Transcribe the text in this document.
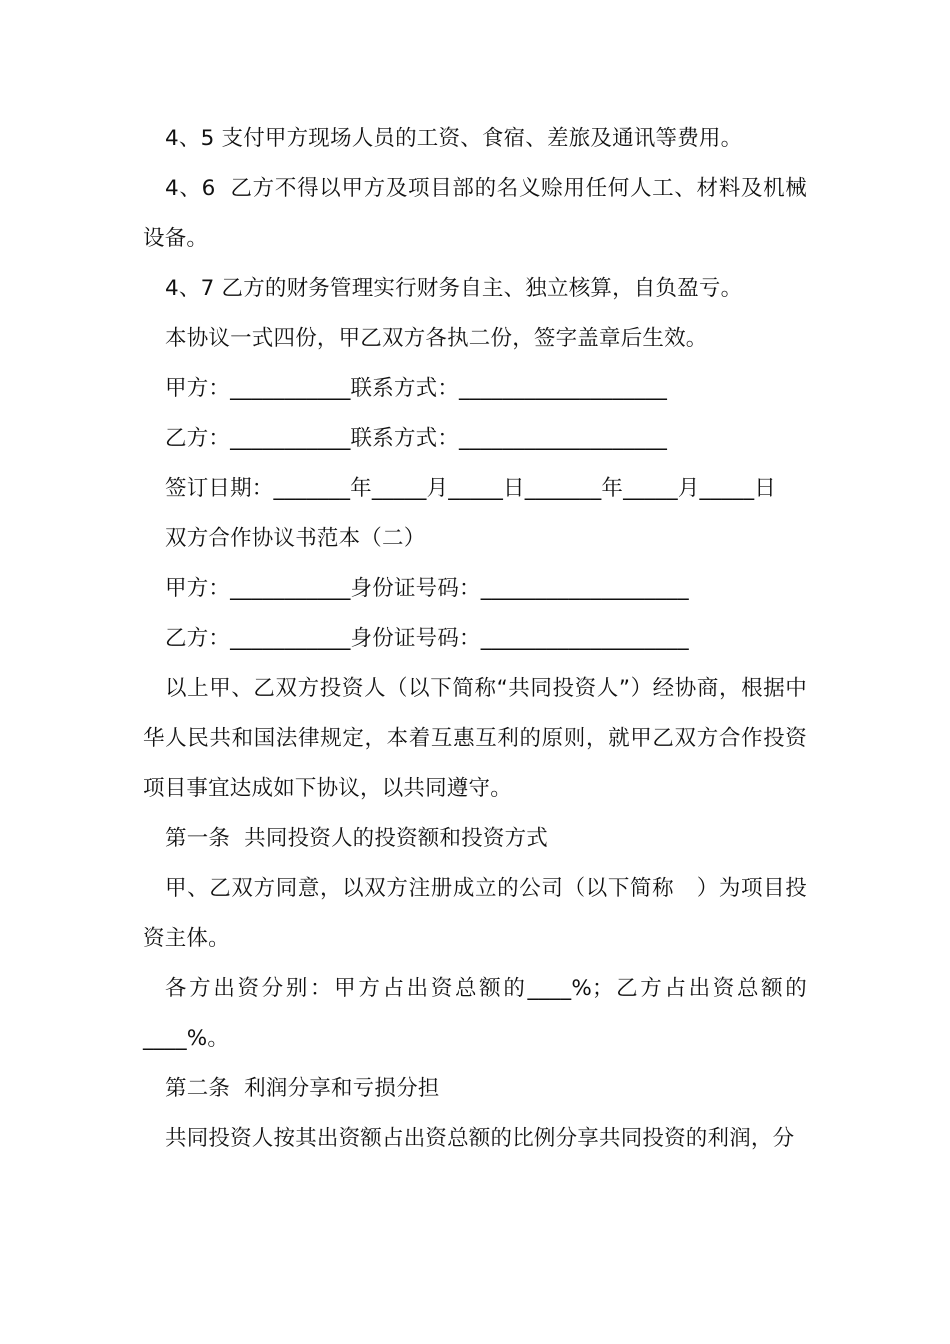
4、5 支付甲方现场人员的工资、食宿、差旅及通讯等费用。

4、6  乙方不得以甲方及项目部的名义赊用任何人工、材料及机械设备。

4、7 乙方的财务管理实行财务自主、独立核算，自负盈亏。

本协议一式四份，甲乙双方各执二份，签字盖章后生效。

甲方：___________联系方式：___________________

乙方：___________联系方式：___________________

签订日期：_______年_____月_____日_______年_____月_____日

双方合作协议书范本（二）

甲方：___________身份证号码：___________________

乙方：___________身份证号码：___________________

以上甲、乙双方投资人（以下简称“共同投资人”）经协商，根据中华人民共和国法律规定，本着互惠互利的原则，就甲乙双方合作投资项目事宜达成如下协议，以共同遵守。

第一条  共同投资人的投资额和投资方式

甲、乙双方同意，以双方注册成立的公司（以下简称   ）为项目投资主体。

各方出资分别：甲方占出资总额的____%；乙方占出资总额的____%。

第二条  利润分享和亏损分担

共同投资人按其出资额占出资总额的比例分享共同投资的利润，分
